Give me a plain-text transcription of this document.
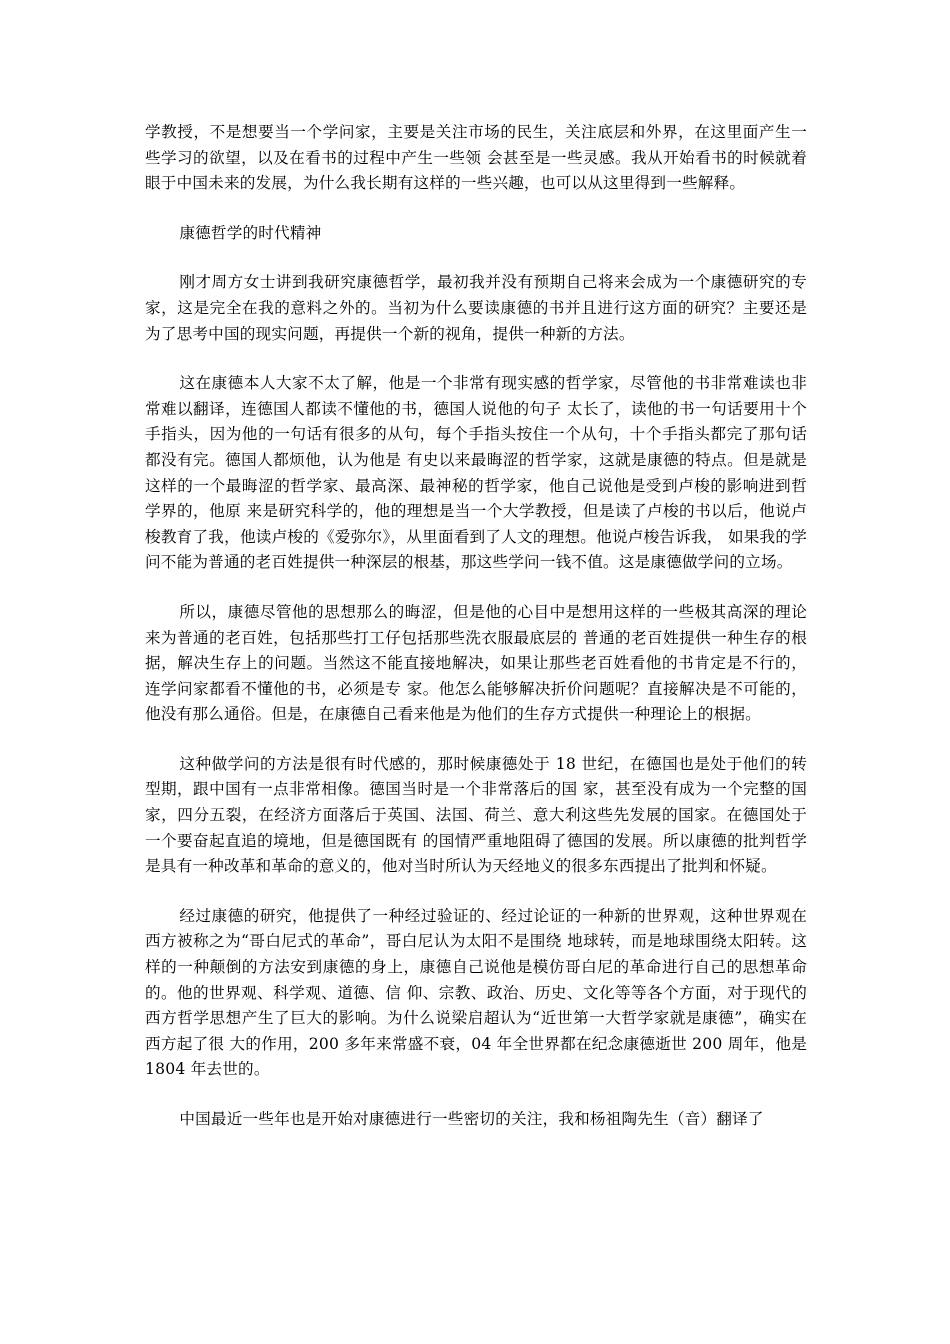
学教授，不是想要当一个学问家，主要是关注市场的民生，关注底层和外界，在这里面产生一些学习的欲望，以及在看书的过程中产生一些领 会甚至是一些灵感。我从开始看书的时候就着眼于中国未来的发展，为什么我长期有这样的一些兴趣，也可以从这里得到一些解释。

康德哲学的时代精神

刚才周方女士讲到我研究康德哲学，最初我并没有预期自己将来会成为一个康德研究的专家，这是完全在我的意料之外的。当初为什么要读康德的书并且进行这方面的研究？主要还是为了思考中国的现实问题，再提供一个新的视角，提供一种新的方法。

这在康德本人大家不太了解，他是一个非常有现实感的哲学家，尽管他的书非常难读也非常难以翻译，连德国人都读不懂他的书，德国人说他的句子 太长了，读他的书一句话要用十个手指头，因为他的一句话有很多的从句，每个手指头按住一个从句，十个手指头都完了那句话都没有完。德国人都烦他，认为他是 有史以来最晦涩的哲学家，这就是康德的特点。但是就是这样的一个最晦涩的哲学家、最高深、最神秘的哲学家，他自己说他是受到卢梭的影响进到哲学界的，他原 来是研究科学的，他的理想是当一个大学教授，但是读了卢梭的书以后，他说卢梭教育了我，他读卢梭的《爱弥尔》，从里面看到了人文的理想。他说卢梭告诉我， 如果我的学问不能为普通的老百姓提供一种深层的根基，那这些学问一钱不值。这是康德做学问的立场。

所以，康德尽管他的思想那么的晦涩，但是他的心目中是想用这样的一些极其高深的理论来为普通的老百姓，包括那些打工仔包括那些洗衣服最底层的 普通的老百姓提供一种生存的根据，解决生存上的问题。当然这不能直接地解决，如果让那些老百姓看他的书肯定是不行的，连学问家都看不懂他的书，必须是专 家。他怎么能够解决折价问题呢？直接解决是不可能的，他没有那么通俗。但是，在康德自己看来他是为他们的生存方式提供一种理论上的根据。

这种做学问的方法是很有时代感的，那时候康德处于 18 世纪，在德国也是处于他们的转型期，跟中国有一点非常相像。德国当时是一个非常落后的国 家，甚至没有成为一个完整的国家，四分五裂，在经济方面落后于英国、法国、荷兰、意大利这些先发展的国家。在德国处于一个要奋起直追的境地，但是德国既有 的国情严重地阻碍了德国的发展。所以康德的批判哲学是具有一种改革和革命的意义的，他对当时所认为天经地义的很多东西提出了批判和怀疑。

经过康德的研究，他提供了一种经过验证的、经过论证的一种新的世界观，这种世界观在西方被称之为“哥白尼式的革命”，哥白尼认为太阳不是围绕 地球转，而是地球围绕太阳转。这样的一种颠倒的方法安到康德的身上，康德自己说他是模仿哥白尼的革命进行自己的思想革命的。他的世界观、科学观、道德、信 仰、宗教、政治、历史、文化等等各个方面，对于现代的西方哲学思想产生了巨大的影响。为什么说梁启超认为“近世第一大哲学家就是康德”，确实在西方起了很 大的作用，200 多年来常盛不衰，04 年全世界都在纪念康德逝世 200 周年，他是 1804 年去世的。

中国最近一些年也是开始对康德进行一些密切的关注，我和杨祖陶先生（音）翻译了
